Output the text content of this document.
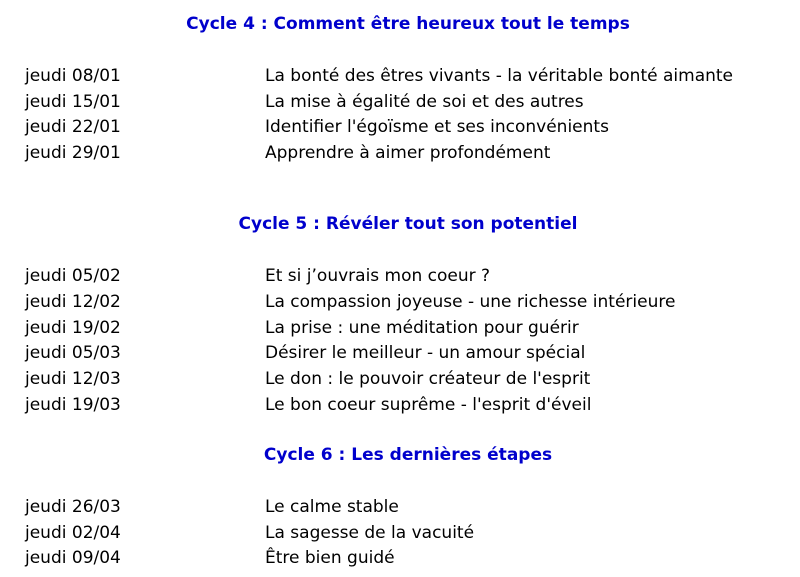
Cycle 4 : Comment être heureux tout le temps
jeudi 08/01	La bonté des êtres vivants - la véritable bonté aimante
jeudi 15/01	La mise à égalité de soi et des autres
jeudi 22/01	Identifier l'égoïsme et ses inconvénients
jeudi 29/01	Apprendre à aimer profondément
Cycle 5 : Révéler tout son potentiel
jeudi 05/02	Et si j’ouvrais mon coeur ?
jeudi 12/02	La compassion joyeuse - une richesse intérieure
jeudi 19/02	La prise : une méditation pour guérir
jeudi 05/03	Désirer le meilleur - un amour spécial
jeudi 12/03	Le don : le pouvoir créateur de l'esprit
jeudi 19/03	Le bon coeur suprême - l'esprit d'éveil
Cycle 6 : Les dernières étapes
jeudi 26/03	Le calme stable
jeudi 02/04	La sagesse de la vacuité
jeudi 09/04	Être bien guidé
